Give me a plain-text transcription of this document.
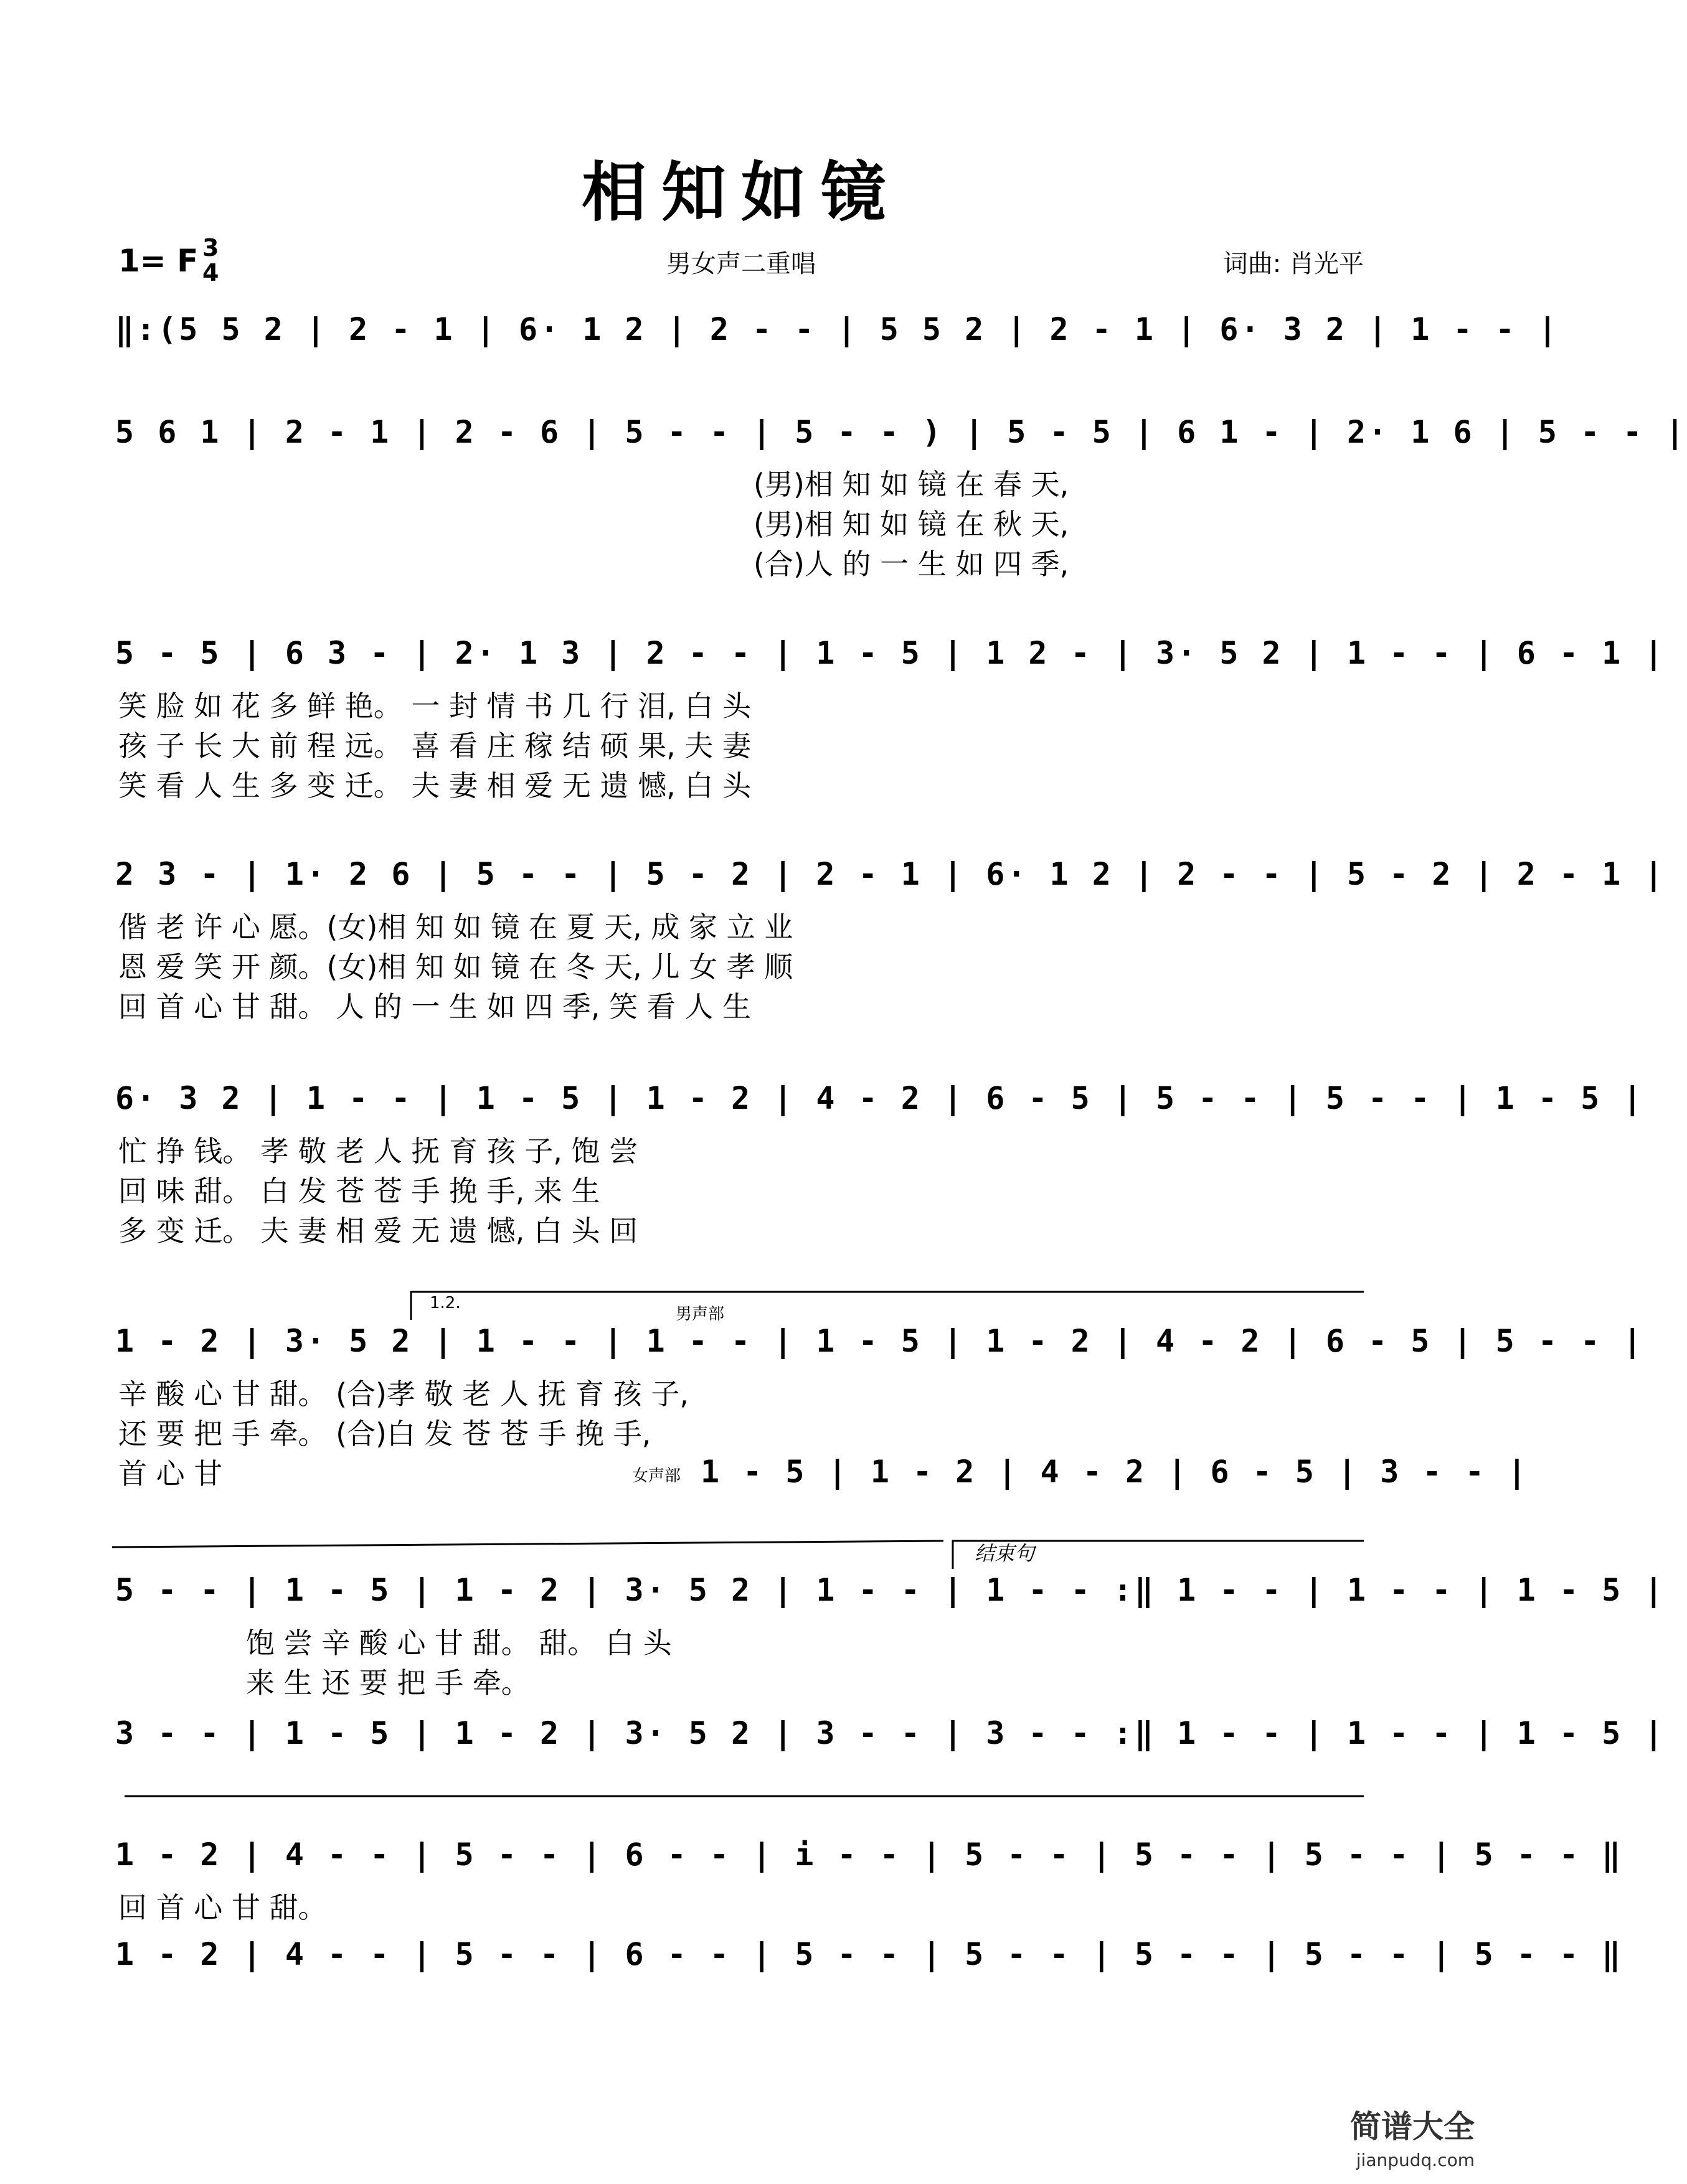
相知如镜
1= F 3
4	男女声二重唱	词曲: 肖光平
‖:(5 5 2 | 2 - 1 | 6· 1 2 | 2 - - | 5 5 2 | 2 - 1 | 6· 3 2 | 1 - - |
5 6 1 | 2 - 1 | 2 - 6 | 5 - - | 5 - - ) | 5 - 5 | 6 1 - | 2· 1 6 | 5 - - |
(男)相 知 如 镜 在 春 天,
(男)相 知 如 镜 在 秋 天,
(合)人 的 一 生 如 四 季,
5 - 5 | 6 3 - | 2· 1 3 | 2 - - | 1 - 5 | 1 2 - | 3· 5 2 | 1 - - | 6 - 1 |
笑 脸 如 花 多 鲜 艳。 一 封 情 书 几 行 泪, 白 头
孩 子 长 大 前 程 远。 喜 看 庄 稼 结 硕 果, 夫 妻
笑 看 人 生 多 变 迁。 夫 妻 相 爱 无 遗 憾, 白 头
2 3 - | 1· 2 6 | 5 - - | 5 - 2 | 2 - 1 | 6· 1 2 | 2 - - | 5 - 2 | 2 - 1 |
偕 老 许 心 愿。(女)相 知 如 镜 在 夏 天, 成 家 立 业
恩 爱 笑 开 颜。(女)相 知 如 镜 在 冬 天, 儿 女 孝 顺
回 首 心 甘 甜。 人 的 一 生 如 四 季, 笑 看 人 生
6· 3 2 | 1 - - | 1 - 5 | 1 - 2 | 4 - 2 | 6 - 5 | 5 - - | 5 - - | 1 - 5 |
忙 挣 钱。 孝 敬 老 人 抚 育 孩 子, 饱 尝
回 味 甜。 白 发 苍 苍 手 挽 手, 来 生
多 变 迁。 夫 妻 相 爱 无 遗 憾, 白 头 回
1.2.
男声部
1 - 2 | 3· 5 2 | 1 - - | 1 - - | 1 - 5 | 1 - 2 | 4 - 2 | 6 - 5 | 5 - - |
辛 酸 心 甘 甜。 (合)孝 敬 老 人 抚 育 孩 子,
还 要 把 手 牵。 (合)白 发 苍 苍 手 挽 手,
首 心 甘	女声部 1 - 5 | 1 - 2 | 4 - 2 | 6 - 5 | 3 - - |
结束句
5 - - | 1 - 5 | 1 - 2 | 3· 5 2 | 1 - - | 1 - - :‖ 1 - - | 1 - - | 1 - 5 |
饱 尝 辛 酸 心 甘 甜。 甜。 白 头
来 生 还 要 把 手 牵。
3 - - | 1 - 5 | 1 - 2 | 3· 5 2 | 3 - - | 3 - - :‖ 1 - - | 1 - - | 1 - 5 |
1 - 2 | 4 - - | 5 - - | 6 - - | i - - | 5 - - | 5 - - | 5 - - | 5 - - ‖
回 首 心 甘 甜。
1 - 2 | 4 - - | 5 - - | 6 - - | 5 - - | 5 - - | 5 - - | 5 - - | 5 - - ‖
简谱大全
jianpudq.com
